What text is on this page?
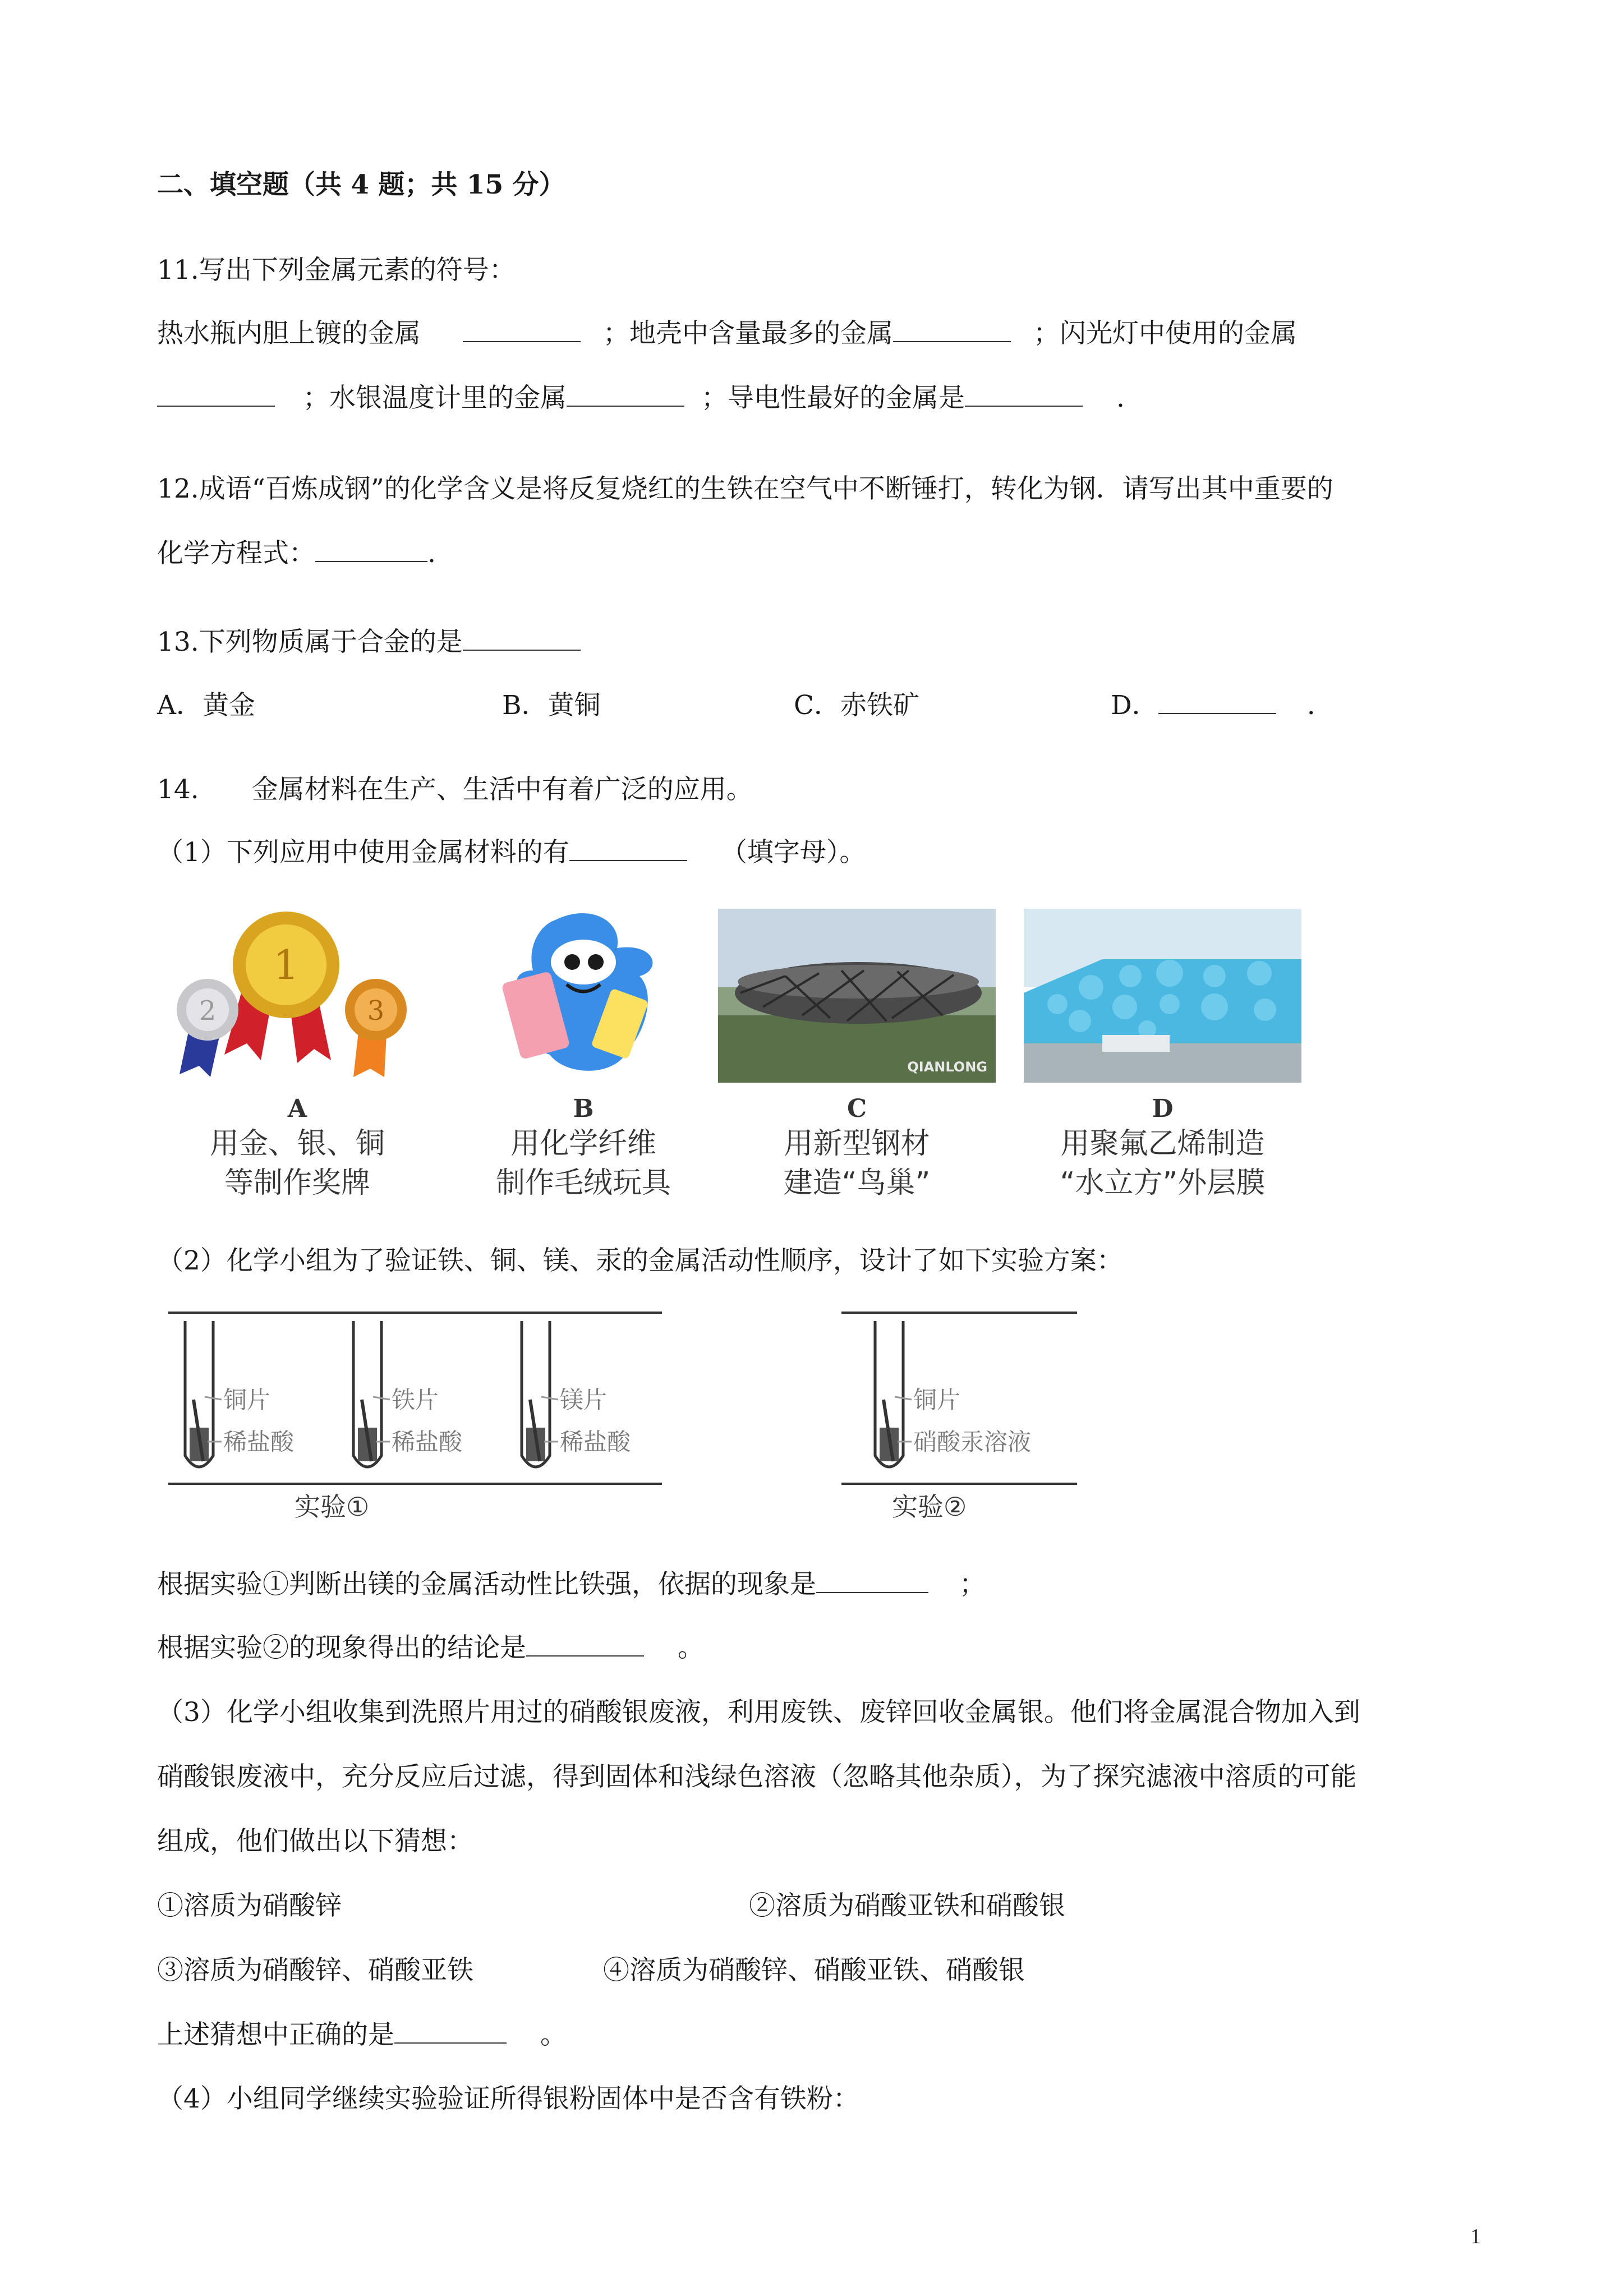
二、填空题（共 4 题；共 15 分）
11.写出下列金属元素的符号：
热水瓶内胆上镀的金属	；地壳中含量最多的金属	；闪光灯中使用的金属
；水银温度计里的金属	；导电性最好的金属是	.
12.成语“百炼成钢”的化学含义是将反复烧红的生铁在空气中不断锤打，转化为钢．请写出其中重要的
化学方程式：	.
13.下列物质属于合金的是
A．黄金	B．黄铜	C．赤铁矿	D．	.
14.　　金属材料在生产、生活中有着广泛的应用。
（1）下列应用中使用金属材料的有	（填字母）。
1
2	3
QIANLONG
A
用金、银、铜
等制作奖牌
B
用化学纤维
制作毛绒玩具
C
用新型钢材
建造“鸟巢”
D
用聚氟乙烯制造
“水立方”外层膜
（2）化学小组为了验证铁、铜、镁、汞的金属活动性顺序，设计了如下实验方案：
铜片
稀盐酸
铁片
稀盐酸
镁片
稀盐酸
实验①
铜片
硝酸汞溶液
实验②
根据实验①判断出镁的金属活动性比铁强，依据的现象是	；
根据实验②的现象得出的结论是	。
（3）化学小组收集到洗照片用过的硝酸银废液，利用废铁、废锌回收金属银。他们将金属混合物加入到
硝酸银废液中，充分反应后过滤，得到固体和浅绿色溶液（忽略其他杂质），为了探究滤液中溶质的可能
组成，他们做出以下猜想：
①溶质为硝酸锌	②溶质为硝酸亚铁和硝酸银
③溶质为硝酸锌、硝酸亚铁	④溶质为硝酸锌、硝酸亚铁、硝酸银
上述猜想中正确的是	。
（4）小组同学继续实验验证所得银粉固体中是否含有铁粉：
1
